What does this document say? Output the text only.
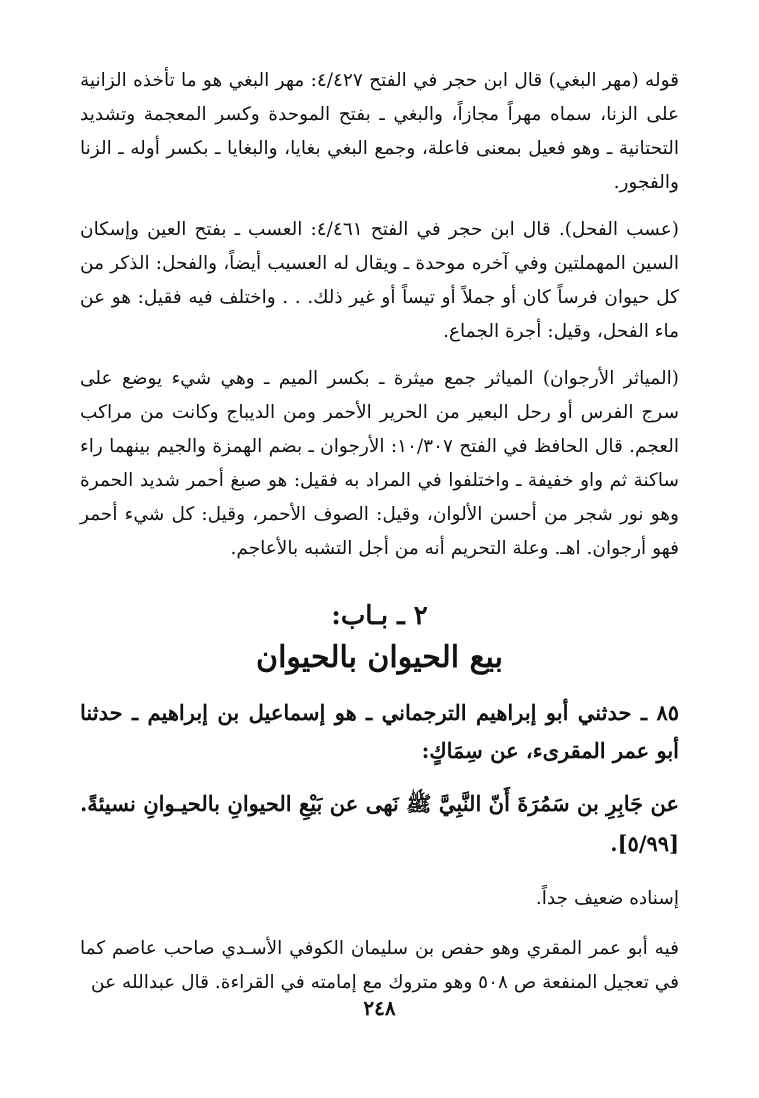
قوله (مهر البغي) قال ابن حجر في الفتح ٤/٤٢٧: مهر البغي هو ما تأخذه الزانية على الزنا، سماه مهراً مجازاً، والبغي ـ بفتح الموحدة وكسر المعجمة وتشديد التحتانية ـ وهو فعيل بمعنى فاعلة، وجمع البغي بغايا، والبغايا ـ بكسر أوله ـ الزنا والفجور.

(عسب الفحل). قال ابن حجر في الفتح ٤/٤٦١: العسب ـ بفتح العين وإسكان السين المهملتين وفي آخره موحدة ـ ويقال له العسيب أيضاً، والفحل: الذكر من كل حيوان فرساً كان أو جملاً أو تيساً أو غير ذلك. . . واختلف فيه فقيل: هو عن ماء الفحل، وقيل: أجرة الجماع.

(المياثر الأرجوان) المياثر جمع ميثرة ـ بكسر الميم ـ وهي شيء يوضع على سرج الفرس أو رحل البعير من الحرير الأحمر ومن الديباج وكانت من مراكب العجم. قال الحافظ في الفتح ١٠/٣٠٧: الأرجوان ـ بضم الهمزة والجيم بينهما راء ساكنة ثم واو خفيفة ـ واختلفوا في المراد به فقيل: هو صبغ أحمر شديد الحمرة وهو نور شجر من أحسن الألوان، وقيل: الصوف الأحمر، وقيل: كل شيء أحمر فهو أرجوان. اهـ. وعلة التحريم أنه من أجل التشبه بالأعاجم.

٢ ـ بـاب:
بيع الحيوان بالحيوان

٨٥ ـ حدثني أبو إبراهيم الترجماني ـ هو إسماعيل بن إبراهيم ـ حدثنا أبو عمر المقرىء، عن سِمَاكٍ:

عن جَابِرِ بن سَمُرَةَ أَنّ النَّبِيَّ ﷺ نَهى عن بَيْعِ الحيوانِ بالحيـوانِ نسيئةً. [٥/٩٩].

إسناده ضعيف جداً.

فيه أبو عمر المقري وهو حفص بن سليمان الكوفي الأسـدي صاحب عاصم كما في تعجيل المنفعة ص ٥٠٨ وهو متروك مع إمامته في القراءة. قال عبدالله عن

٢٤٨
